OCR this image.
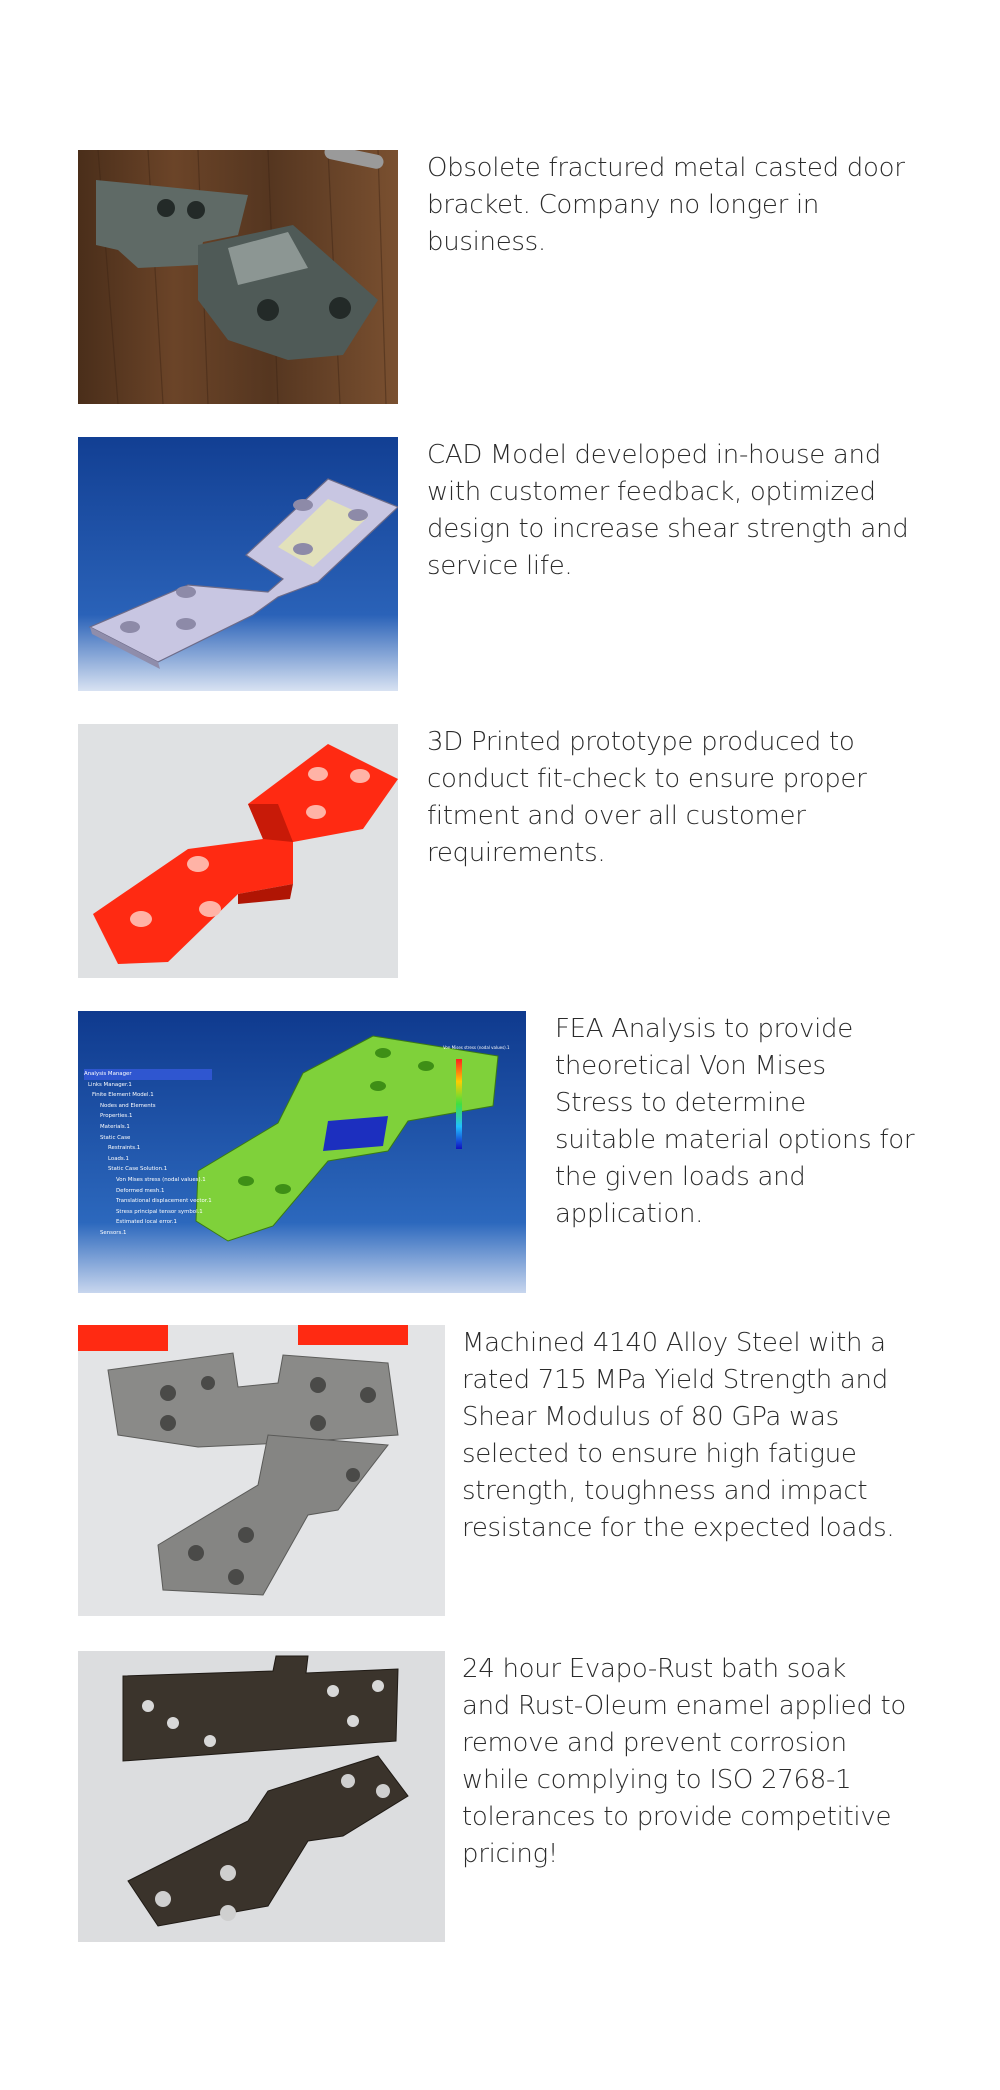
Obsolete fractured metal casted door
bracket. Company no longer in
business.
CAD Model developed in-house and
with customer feedback, optimized
design to increase shear strength and
service life.
3D Printed prototype produced to
conduct fit-check to ensure proper
fitment and over all customer
requirements.
Von Mises stress (nodal values).1
Analysis Manager
Links Manager.1
Finite Element Model.1
Nodes and Elements
Properties.1
Materials.1
Static Case
Restraints.1
Loads.1
Static Case Solution.1
Von Mises stress (nodal values).1
Deformed mesh.1
Translational displacement vector.1
Stress principal tensor symbol.1
Estimated local error.1
Sensors.1
FEA Analysis to provide
theoretical Von Mises
Stress to determine
suitable material options for
the given loads and
application.
Machined 4140 Alloy Steel with a
rated 715 MPa Yield Strength and
Shear Modulus of 80 GPa was
selected to ensure high fatigue
strength, toughness and impact
resistance for the expected loads.
24 hour Evapo-Rust bath soak
and Rust-Oleum enamel applied to
remove and prevent corrosion
while complying to ISO 2768-1
tolerances to provide competitive
pricing!
